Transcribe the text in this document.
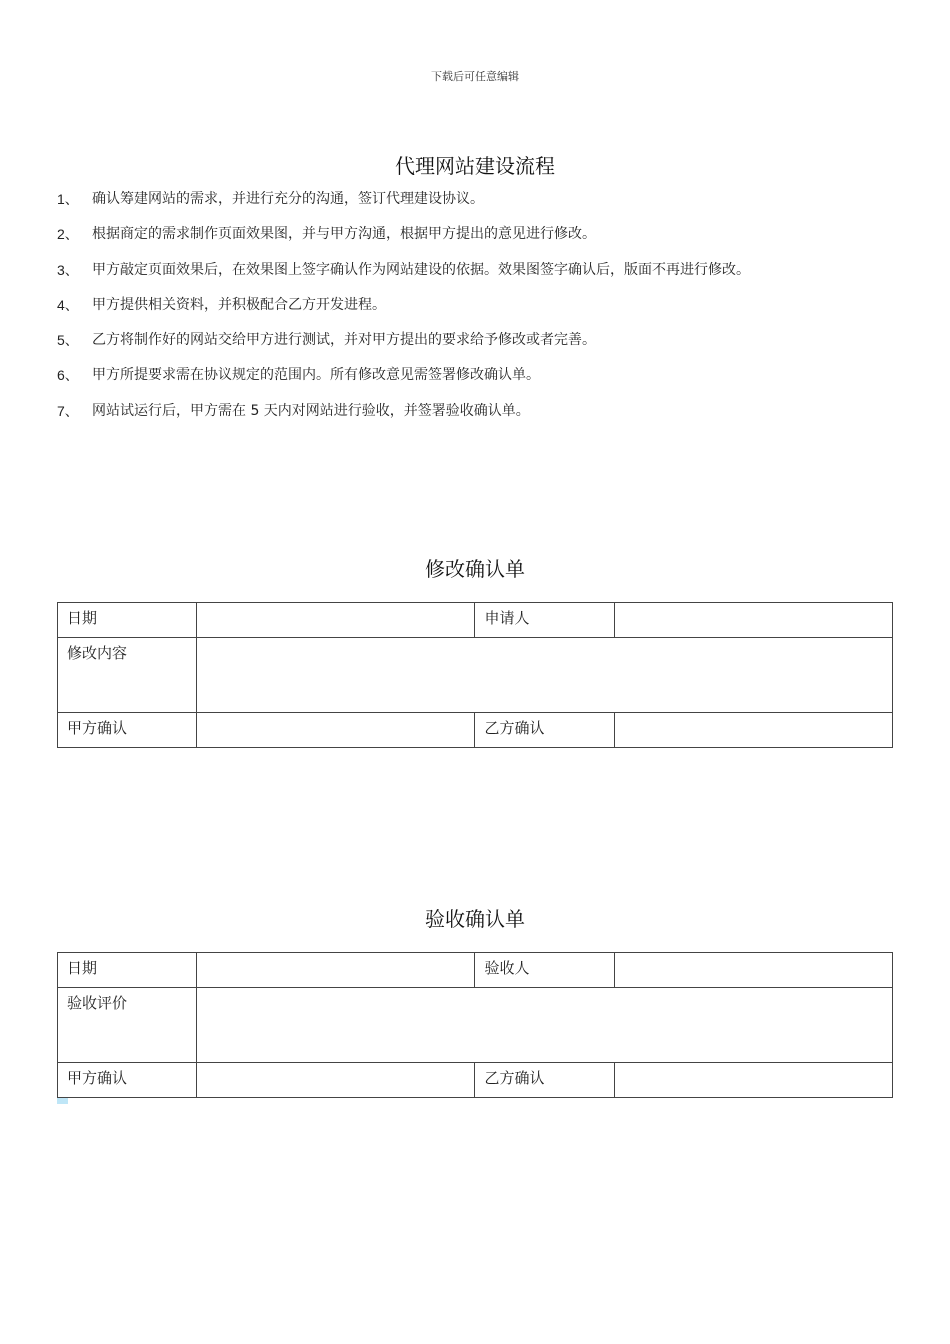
下载后可任意编辑
代理网站建设流程
1、 确认筹建网站的需求，并进行充分的沟通，签订代理建设协议。
2、 根据商定的需求制作页面效果图，并与甲方沟通，根据甲方提出的意见进行修改。
3、 甲方敲定页面效果后，在效果图上签字确认作为网站建设的依据。效果图签字确认后，版面不再进行修改。
4、 甲方提供相关资料，并积极配合乙方开发进程。
5、 乙方将制作好的网站交给甲方进行测试，并对甲方提出的要求给予修改或者完善。
6、 甲方所提要求需在协议规定的范围内。所有修改意见需签署修改确认单。
7、 网站试运行后，甲方需在 5 天内对网站进行验收，并签署验收确认单。
修改确认单
日期		申请人	
修改内容			
甲方确认		乙方确认	
验收确认单
日期		验收人	
验收评价			
甲方确认		乙方确认	
